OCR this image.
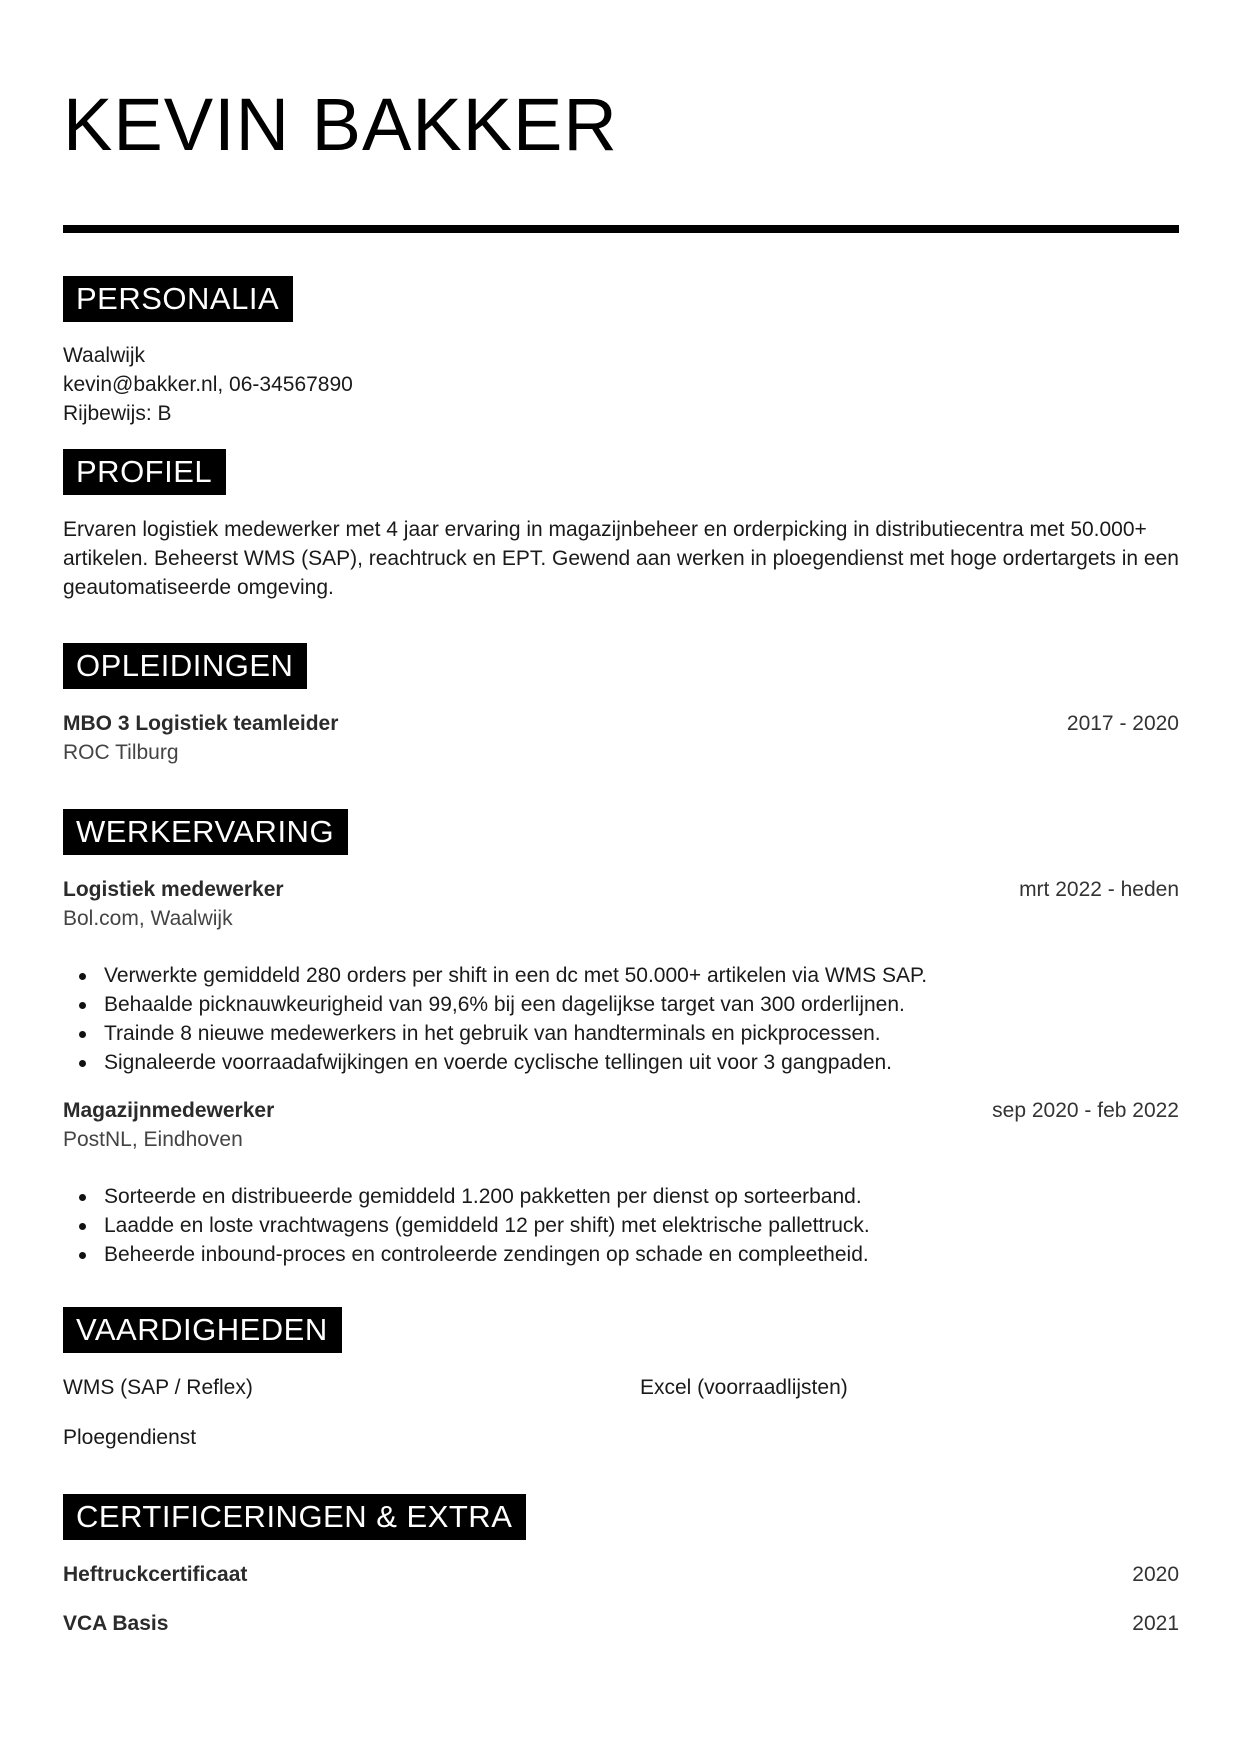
KEVIN BAKKER
PERSONALIA
Waalwijk
kevin@bakker.nl, 06-34567890
Rijbewijs: B
PROFIEL
Ervaren logistiek medewerker met 4 jaar ervaring in magazijnbeheer en orderpicking in distributiecentra met 50.000+ artikelen. Beheerst WMS (SAP), reachtruck en EPT. Gewend aan werken in ploegendienst met hoge ordertargets in een geautomatiseerde omgeving.
OPLEIDINGEN
MBO 3 Logistiek teamleider	2017 - 2020
ROC Tilburg
WERKERVARING
Logistiek medewerker	mrt 2022 - heden
Bol.com, Waalwijk
Verwerkte gemiddeld 280 orders per shift in een dc met 50.000+ artikelen via WMS SAP.
Behaalde picknauwkeurigheid van 99,6% bij een dagelijkse target van 300 orderlijnen.
Trainde 8 nieuwe medewerkers in het gebruik van handterminals en pickprocessen.
Signaleerde voorraadafwijkingen en voerde cyclische tellingen uit voor 3 gangpaden.
Magazijnmedewerker	sep 2020 - feb 2022
PostNL, Eindhoven
Sorteerde en distribueerde gemiddeld 1.200 pakketten per dienst op sorteerband.
Laadde en loste vrachtwagens (gemiddeld 12 per shift) met elektrische pallettruck.
Beheerde inbound-proces en controleerde zendingen op schade en compleetheid.
VAARDIGHEDEN
WMS (SAP / Reflex)	Excel (voorraadlijsten)
Ploegendienst
CERTIFICERINGEN & EXTRA
Heftruckcertificaat	2020
VCA Basis	2021
